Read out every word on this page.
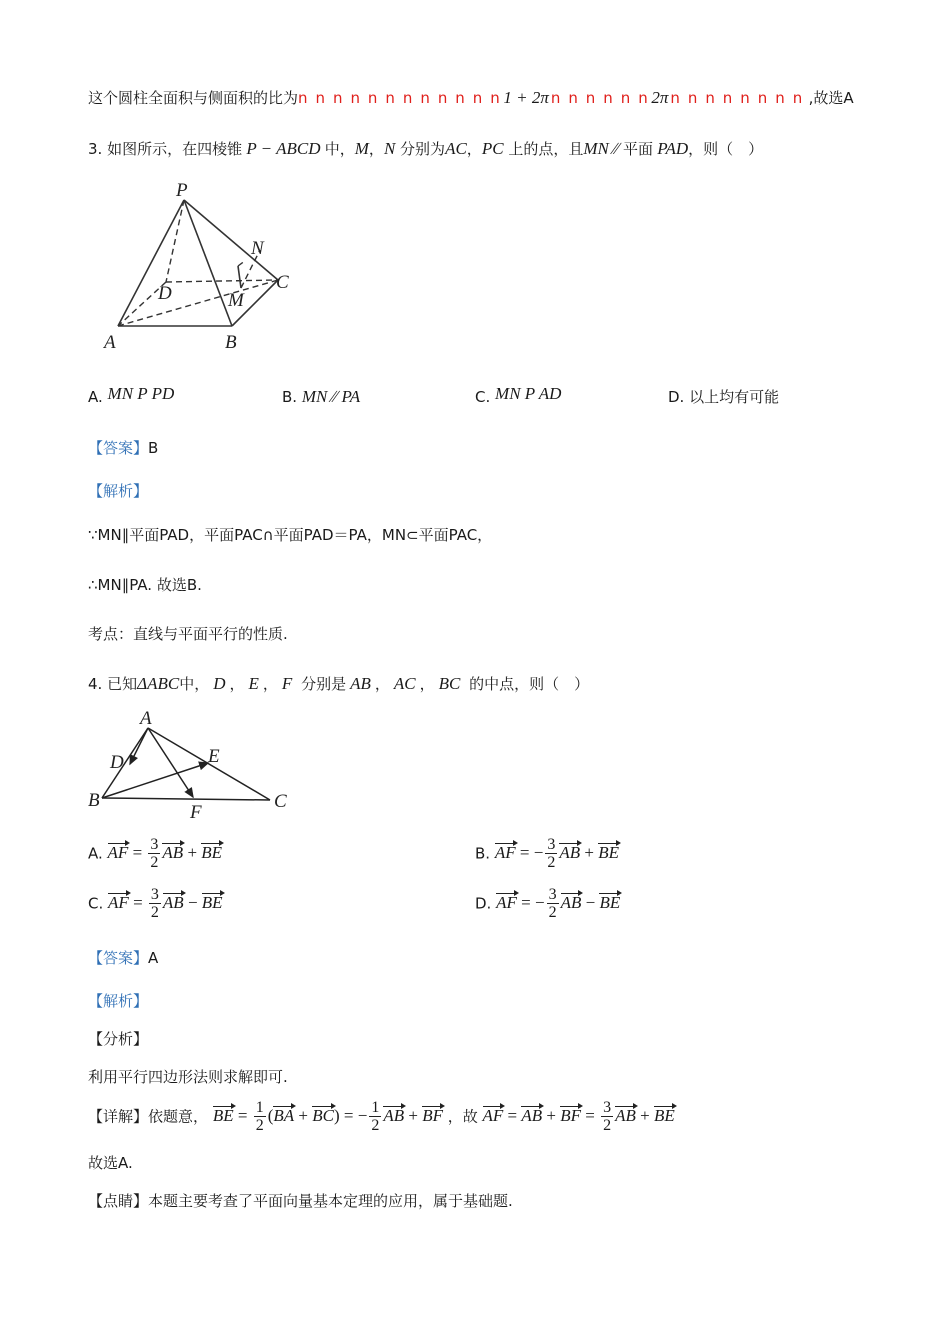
这个圆柱全面积与侧面积的比为n n n n n n n n n n n n 1 + 2π n n n n n n 2π n n n n n n n n ,故选A
3. 如图所示，在四棱锥 P − ABCD 中，M，N 分别为AC，PC 上的点，且MN ∕∕ 平面 PAD，则（　）
P
N
D
C
M
A	B
A. MN P PD	B. MN ∕∕ PA	C. MN P AD	D. 以上均有可能
【答案】B
【解析】
∵MN∥平面PAD，平面PAC∩平面PAD＝PA，MN⊂平面PAC，
∴MN∥PA. 故选B.
考点：直线与平面平行的性质.
4. 已知ΔABC中， D ， E ， F 分别是 AB ， AC ， BC 的中点，则（　）
A
D	E
B
F
C
A. AF = $\frac{3}{2}$ AB + BE	B. AF = − $\frac{3}{2}$ AB + BE
C. AF = $\frac{3}{2}$ AB − BE	D. AF = − $\frac{3}{2}$ AB − BE
【答案】A
【解析】
【分析】
利用平行四边形法则求解即可.
【详解】依题意， BE = $\frac{1}{2} (BA + BC)$ = − $\frac{1}{2}$ AB + BF ，故 AF = AB + BF = $\frac{3}{2}$ AB + BE
故选A.
【点睛】本题主要考查了平面向量基本定理的应用，属于基础题.
